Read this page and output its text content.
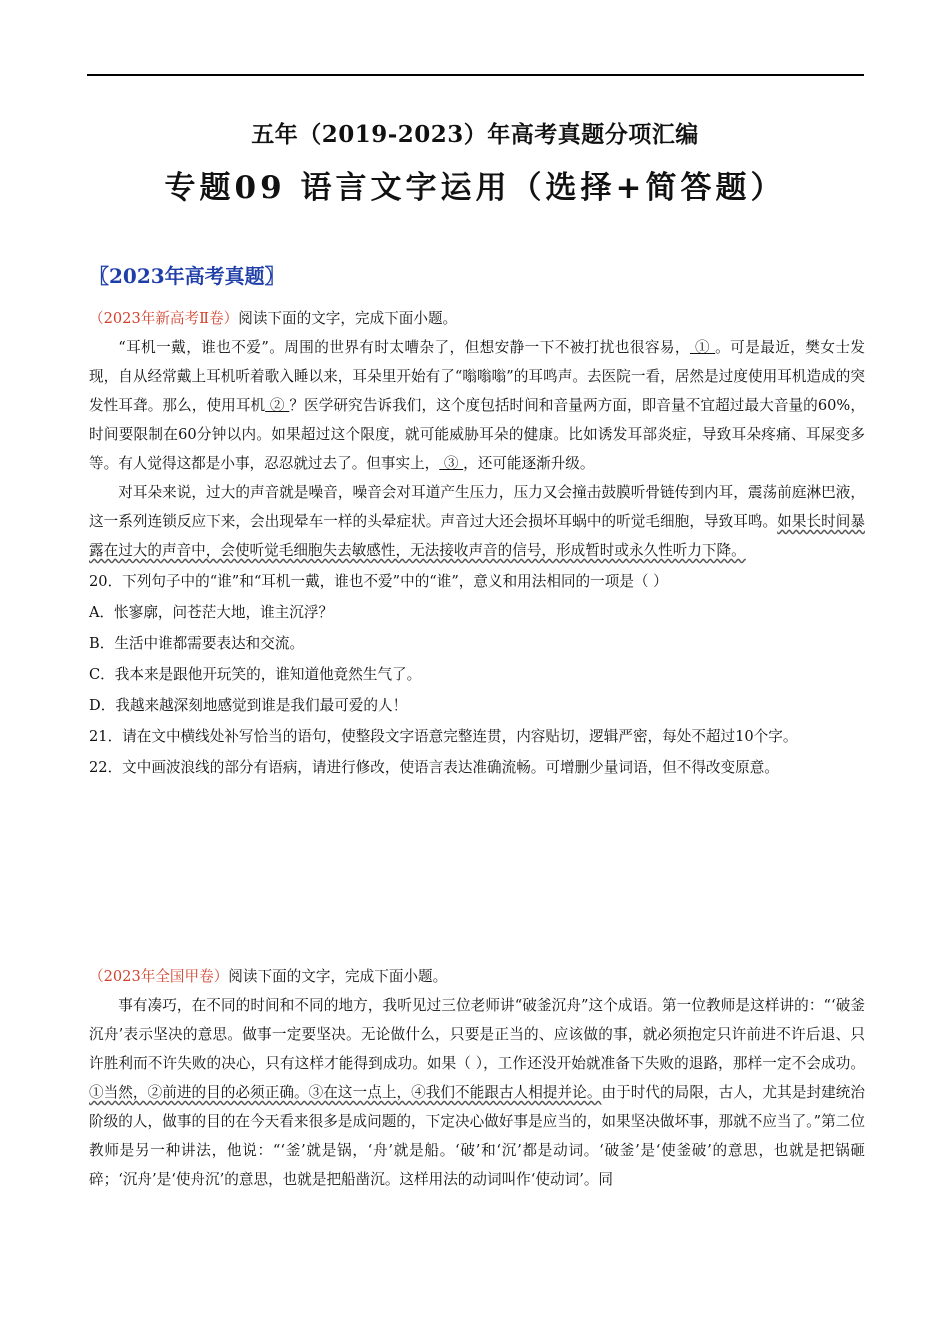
五年（2019-2023）年高考真题分项汇编
专题09 语言文字运用（选择+简答题）
〖2023年高考真题〗

（2023年新高考Ⅱ卷）阅读下面的文字，完成下面小题。

“耳机一戴，谁也不爱”。周围的世界有时太嘈杂了，但想安静一下不被打扰也很容易， ① 。可是最近，樊女士发现，自从经常戴上耳机听着歌入睡以来，耳朵里开始有了“嗡嗡嗡”的耳鸣声。去医院一看，居然是过度使用耳机造成的突发性耳聋。那么，使用耳机 ② ？医学研究告诉我们，这个度包括时间和音量两方面，即音量不宜超过最大音量的60%，时间要限制在60分钟以内。如果超过这个限度，就可能威胁耳朵的健康。比如诱发耳部炎症，导致耳朵疼痛、耳屎变多等。有人觉得这都是小事，忍忍就过去了。但事实上， ③ ，还可能逐渐升级。

对耳朵来说，过大的声音就是噪音，噪音会对耳道产生压力，压力又会撞击鼓膜听骨链传到内耳，震荡前庭淋巴液，这一系列连锁反应下来，会出现晕车一样的头晕症状。声音过大还会损坏耳蜗中的听觉毛细胞，导致耳鸣。如果长时间暴露在过大的声音中，会使听觉毛细胞失去敏感性，无法接收声音的信号，形成暂时或永久性听力下降。

20．下列句子中的“谁”和“耳机一戴，谁也不爱”中的“谁”，意义和用法相同的一项是（ ）

A．怅寥廓，问苍茫大地，谁主沉浮？

B．生活中谁都需要表达和交流。

C．我本来是跟他开玩笑的，谁知道他竟然生气了。

D．我越来越深刻地感觉到谁是我们最可爱的人！

21．请在文中横线处补写恰当的语句，使整段文字语意完整连贯，内容贴切，逻辑严密，每处不超过10个字。

22．文中画波浪线的部分有语病，请进行修改，使语言表达准确流畅。可增删少量词语，但不得改变原意。

（2023年全国甲卷）阅读下面的文字，完成下面小题。

事有凑巧，在不同的时间和不同的地方，我听见过三位老师讲“破釜沉舟”这个成语。第一位教师是这样讲的：“‘破釜沉舟’表示坚决的意思。做事一定要坚决。无论做什么，只要是正当的、应该做的事，就必须抱定只许前进不许后退、只许胜利而不许失败的决心，只有这样才能得到成功。如果（ ），工作还没开始就准备下失败的退路，那样一定不会成功。①当然，②前进的目的必须正确。③在这一点上，④我们不能跟古人相提并论。由于时代的局限，古人，尤其是封建统治阶级的人，做事的目的在今天看来很多是成问题的，下定决心做好事是应当的，如果坚决做坏事，那就不应当了。”第二位教师是另一种讲法，他说：“‘釜’就是锅，‘舟’就是船。‘破’和‘沉’都是动词。‘破釜’是‘使釜破’的意思，也就是把锅砸碎；‘沉舟’是‘使舟沉’的意思，也就是把船凿沉。这样用法的动词叫作‘使动词’。同
